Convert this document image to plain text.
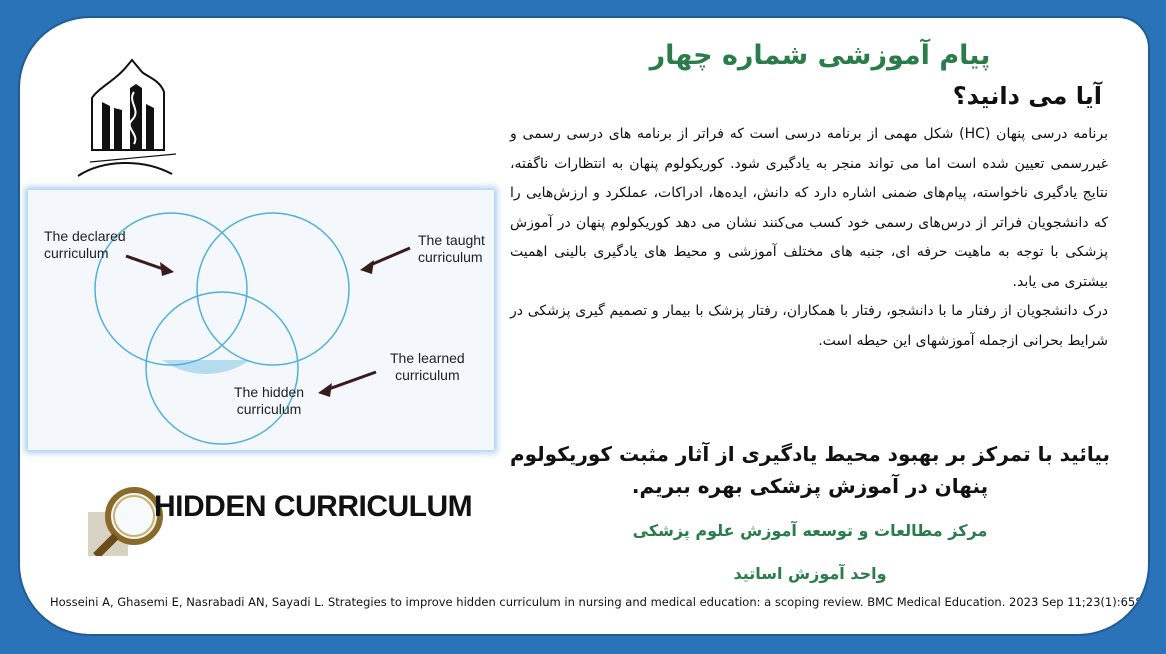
پیام آموزشی شماره چهار
آیا می دانید؟
The declared
curriculum
The taught
curriculum
The learned
curriculum
The hidden
curriculum

برنامه درسی پنهان (HC) شکل مهمی از برنامه درسی است که فراتر از برنامه های درسی رسمی و غیررسمی تعیین شده است اما می تواند منجر به یادگیری شود. کوریکولوم پنهان به انتظارات ناگفته، نتایج یادگیری ناخواسته، پیام‌های ضمنی اشاره دارد که دانش، ایده‌ها، ادراکات، عملکرد و ارزش‌هایی را که دانشجویان فراتر از درس‌های رسمی خود کسب می‌کنند نشان می دهد کوریکولوم پنهان در آموزش پزشکی با توجه به ماهیت حرفه ای، جنبه های مختلف آموزشی و محیط های یادگیری بالینی اهمیت بیشتری می یابد.

درک دانشجویان از رفتار ما با دانشجو، رفتار با همکاران، رفتار پزشک با بیمار و تصمیم گیری پزشکی در شرایط بحرانی ازجمله آموزشهای این حیطه است.

بیائید با تمرکز بر بهبود محیط یادگیری از آثار مثبت کوریکولوم
پنهان در آموزش پزشکی بهره ببریم.
مرکز مطالعات و توسعه آموزش علوم پزشکی
واحد آموزش اساتید
HIDDEN CURRICULUM
Hosseini A, Ghasemi E, Nasrabadi AN, Sayadi L. Strategies to improve hidden curriculum in nursing and medical education: a scoping review. BMC Medical Education. 2023 Sep 11;23(1):658.
